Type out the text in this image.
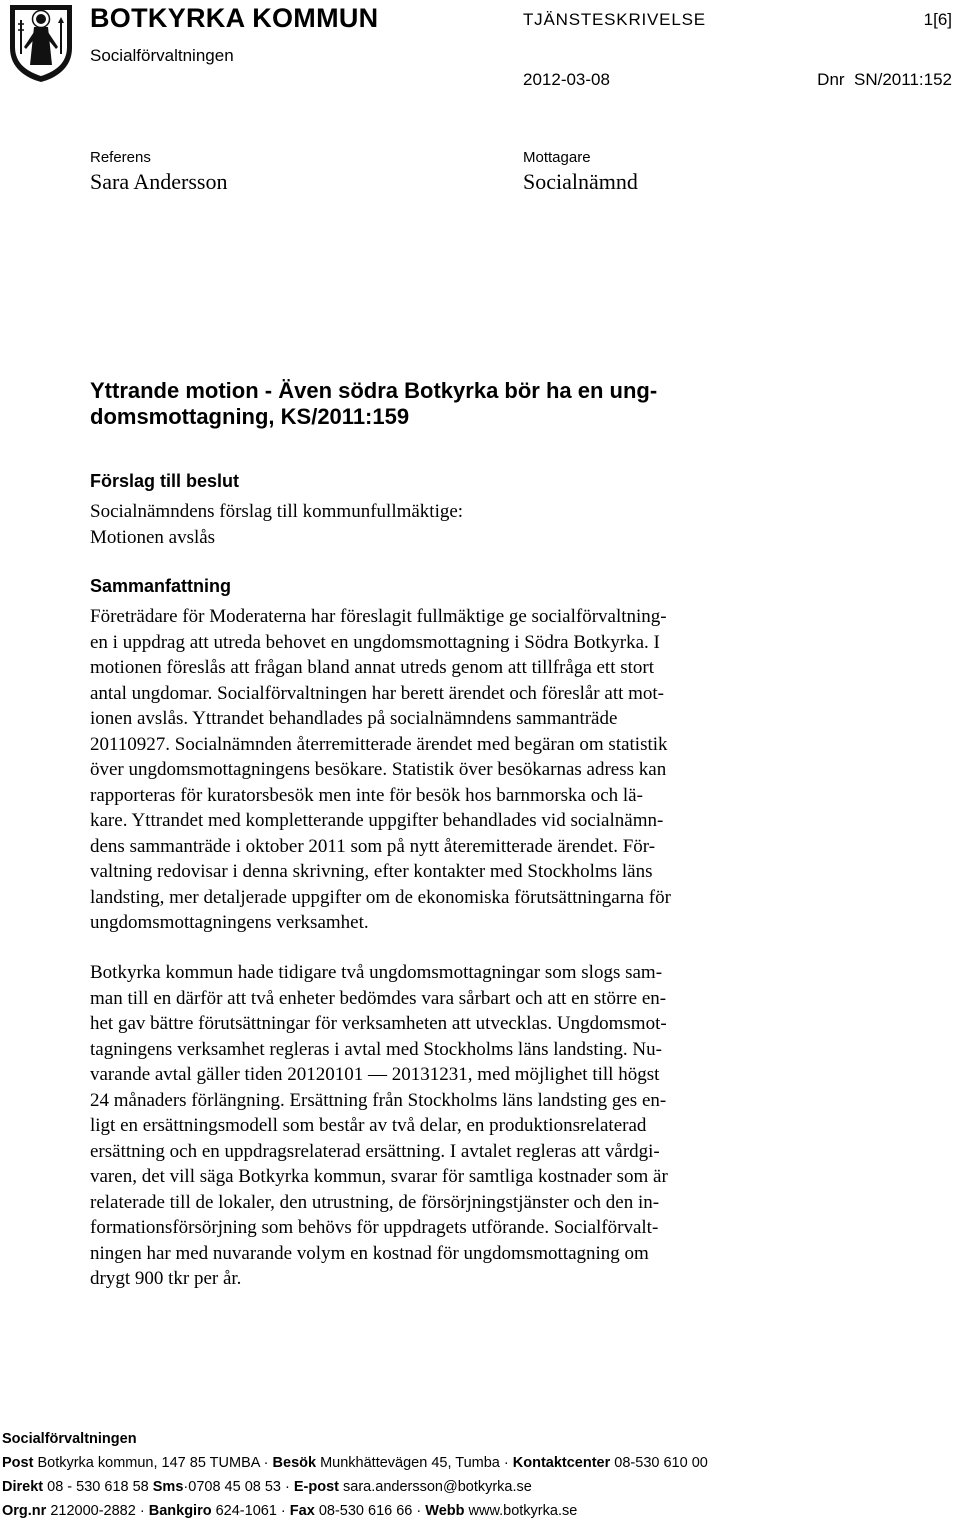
BOTKYRKA KOMMUN
Socialförvaltningen
TJÄNSTESKRIVELSE	1[6]
2012-03-08	Dnr  SN/2011:152
Referens
Sara Andersson
Mottagare
Socialnämnd
Yttrande motion - Även södra Botkyrka bör ha en ung-
domsmottagning, KS/2011:159
Förslag till beslut
Socialnämndens förslag till kommunfullmäktige:
Motionen avslås
Sammanfattning
Företrädare för Moderaterna har föreslagit fullmäktige ge socialförvaltning-
en i uppdrag att utreda behovet en ungdomsmottagning i Södra Botkyrka. I
motionen föreslås att frågan bland annat utreds genom att tillfråga ett stort
antal ungdomar. Socialförvaltningen har berett ärendet och föreslår att mot-
ionen avslås. Yttrandet behandlades på socialnämndens sammanträde
20110927. Socialnämnden återremitterade ärendet med begäran om statistik
över ungdomsmottagningens besökare. Statistik över besökarnas adress kan
rapporteras för kuratorsbesök men inte för besök hos barnmorska och lä-
kare. Yttrandet med kompletterande uppgifter behandlades vid socialnämn-
dens sammanträde i oktober 2011 som på nytt återemitterade ärendet. För-
valtning redovisar i denna skrivning, efter kontakter med Stockholms läns
landsting, mer detaljerade uppgifter om de ekonomiska förutsättningarna för
ungdomsmottagningens verksamhet.
Botkyrka kommun hade tidigare två ungdomsmottagningar som slogs sam-
man till en därför att två enheter bedömdes vara sårbart och att en större en-
het gav bättre förutsättningar för verksamheten att utvecklas. Ungdomsmot-
tagningens verksamhet regleras i avtal med Stockholms läns landsting. Nu-
varande avtal gäller tiden 20120101 — 20131231, med möjlighet till högst
24 månaders förlängning. Ersättning från Stockholms läns landsting ges en-
ligt en ersättningsmodell som består av två delar, en produktionsrelaterad
ersättning och en uppdragsrelaterad ersättning. I avtalet regleras att vårdgi-
varen, det vill säga Botkyrka kommun, svarar för samtliga kostnader som är
relaterade till de lokaler, den utrustning, de försörjningstjänster och den in-
formationsförsörjning som behövs för uppdragets utförande. Socialförvalt-
ningen har med nuvarande volym en kostnad för ungdomsmottagning om
drygt 900 tkr per år.
Socialförvaltningen
Post Botkyrka kommun, 147 85 TUMBA · Besök Munkhättevägen 45, Tumba · Kontaktcenter 08-530 610 00
Direkt 08 - 530 618 58 Sms·0708 45 08 53 · E-post sara.andersson@botkyrka.se
Org.nr 212000-2882 · Bankgiro 624-1061 · Fax 08-530 616 66 · Webb www.botkyrka.se
